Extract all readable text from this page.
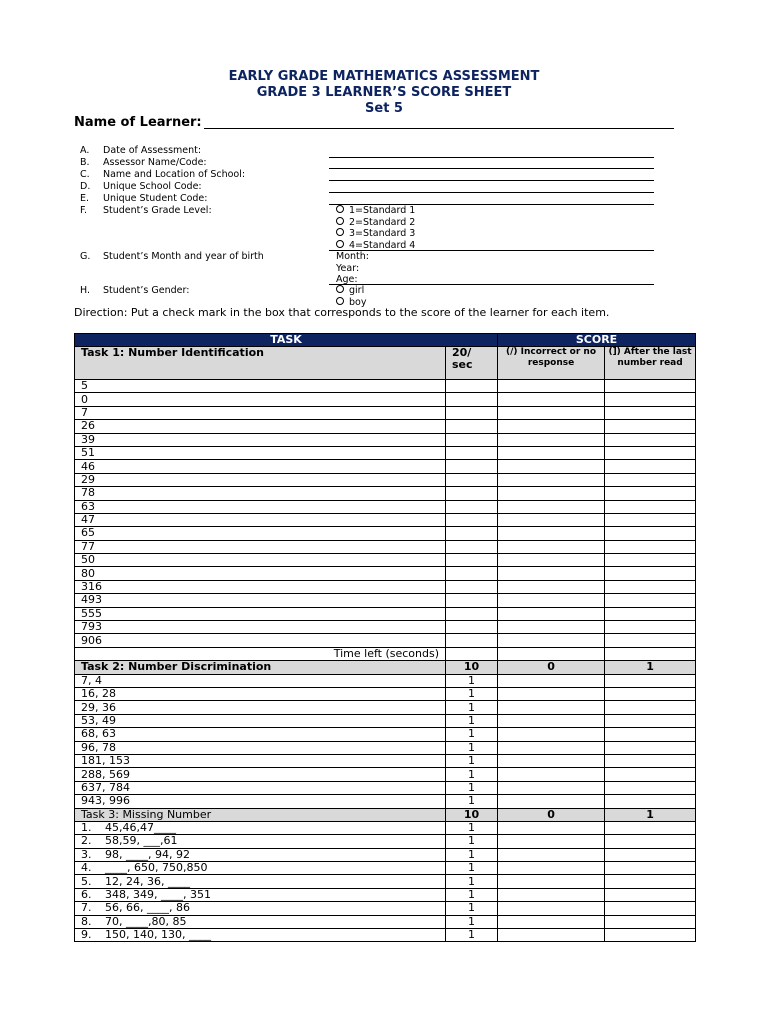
EARLY GRADE MATHEMATICS ASSESSMENT
GRADE 3 LEARNER’S SCORE SHEET
Set 5
Name of Learner:
A. Date of Assessment:
B. Assessor Name/Code:
C. Name and Location of School:
D. Unique School Code:
E. Unique Student Code:
F. Student’s Grade Level:
G. Student’s Month and year of birth
H. Student’s Gender:
1=Standard 1
2=Standard 2
3=Standard 3
4=Standard 4
Month:
Year:
Age:
girl
boy
Direction: Put a check mark in the box that corresponds to the score of the learner for each item.
TASK		SCORE	
Task 1: Number Identification	20/ sec	(/) Incorrect or no response	(]) After the last number read
5			
0			
7			
26			
39			
51			
46			
29			
78			
63			
47			
65			
77			
50			
80			
316			
493			
555			
793			
906			
Time left (seconds)			
Task 2: Number Discrimination	10	0	1
7, 4	1		
16, 28	1		
29, 36	1		
53, 49	1		
68, 63	1		
96, 78	1		
181, 153	1		
288, 569	1		
637, 784	1		
943, 996	1		
Task 3: Missing Number	10	0	1
1. 45,46,47____	1		
2. 58,59, ___,61	1		
3. 98, ____, 94, 92	1		
4. ____, 650, 750,850	1		
5. 12, 24, 36, ____	1		
6. 348, 349, ____, 351	1		
7. 56, 66, ____, 86	1		
8. 70, ____,80, 85	1		
9. 150, 140, 130, ____	1		
